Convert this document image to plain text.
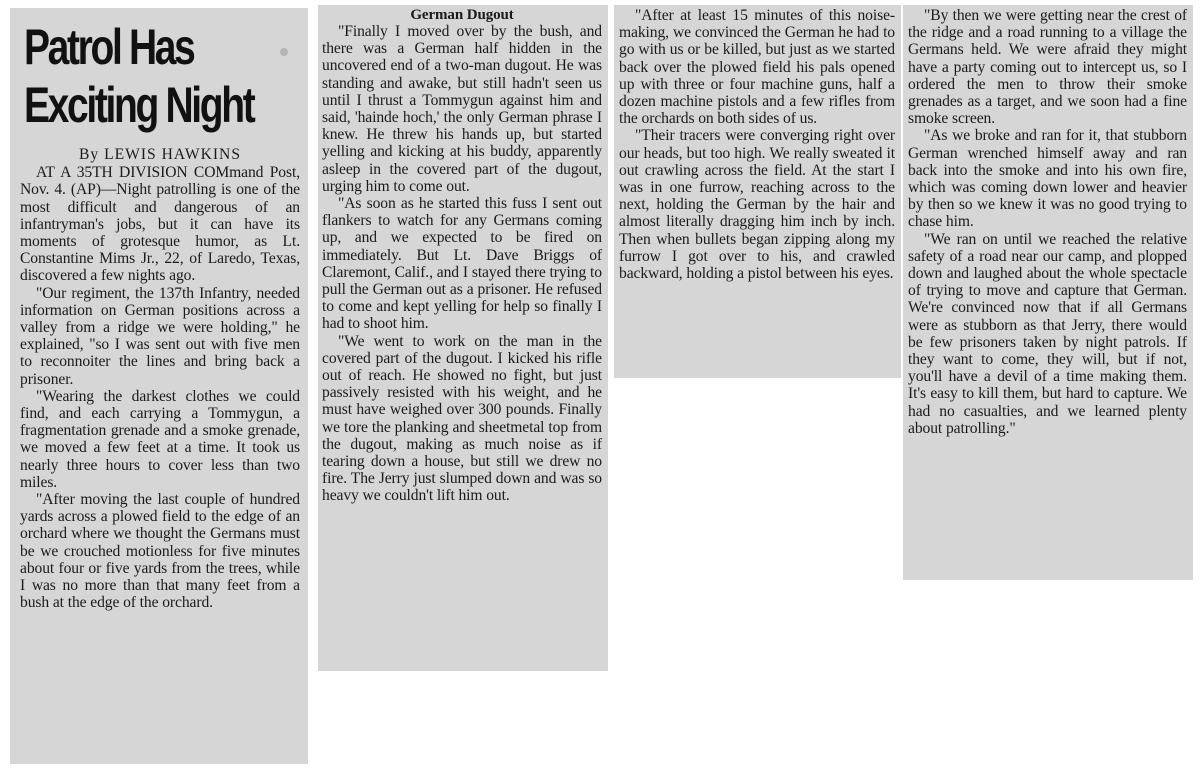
Patrol Has
Exciting Night
By LEWIS HAWKINS

AT A 35TH DIVISION COMmand Post, Nov. 4. (AP)—Night patrolling is one of the most difficult and dangerous of an infantryman's jobs, but it can have its moments of grotesque humor, as Lt. Constantine Mims Jr., 22, of Laredo, Texas, discovered a few nights ago.

"Our regiment, the 137th Infantry, needed information on German positions across a valley from a ridge we were holding," he explained, "so I was sent out with five men to reconnoiter the lines and bring back a prisoner.

"Wearing the darkest clothes we could find, and each carrying a Tommygun, a fragmentation grenade and a smoke grenade, we moved a few feet at a time. It took us nearly three hours to cover less than two miles.

"After moving the last couple of hundred yards across a plowed field to the edge of an orchard where we thought the Germans must be we crouched motionless for five minutes about four or five yards from the trees, while I was no more than that many feet from a bush at the edge of the orchard.

German Dugout

"Finally I moved over by the bush, and there was a German half hidden in the uncovered end of a two-man dugout. He was standing and awake, but still hadn't seen us until I thrust a Tommygun against him and said, 'hainde hoch,' the only German phrase I knew. He threw his hands up, but started yelling and kicking at his buddy, apparently asleep in the covered part of the dugout, urging him to come out.

"As soon as he started this fuss I sent out flankers to watch for any Germans coming up, and we expected to be fired on immediately. But Lt. Dave Briggs of Claremont, Calif., and I stayed there trying to pull the German out as a prisoner. He refused to come and kept yelling for help so finally I had to shoot him.

"We went to work on the man in the covered part of the dugout. I kicked his rifle out of reach. He showed no fight, but just passively resisted with his weight, and he must have weighed over 300 pounds. Finally we tore the planking and sheetmetal top from the dugout, making as much noise as if tearing down a house, but still we drew no fire. The Jerry just slumped down and was so heavy we couldn't lift him out.

"After at least 15 minutes of this noise-making, we convinced the German he had to go with us or be killed, but just as we started back over the plowed field his pals opened up with three or four machine guns, half a dozen machine pistols and a few rifles from the orchards on both sides of us.

"Their tracers were converging right over our heads, but too high. We really sweated it out crawling across the field. At the start I was in one furrow, reaching across to the next, holding the German by the hair and almost literally dragging him inch by inch. Then when bullets began zipping along my furrow I got over to his, and crawled backward, holding a pistol between his eyes.

"By then we were getting near the crest of the ridge and a road running to a village the Germans held. We were afraid they might have a party coming out to intercept us, so I ordered the men to throw their smoke grenades as a target, and we soon had a fine smoke screen.

"As we broke and ran for it, that stubborn German wrenched himself away and ran back into the smoke and into his own fire, which was coming down lower and heavier by then so we knew it was no good trying to chase him.

"We ran on until we reached the relative safety of a road near our camp, and plopped down and laughed about the whole spectacle of trying to move and capture that German. We're convinced now that if all Germans were as stubborn as that Jerry, there would be few prisoners taken by night patrols. If they want to come, they will, but if not, you'll have a devil of a time making them. It's easy to kill them, but hard to capture. We had no casualties, and we learned plenty about patrolling."
